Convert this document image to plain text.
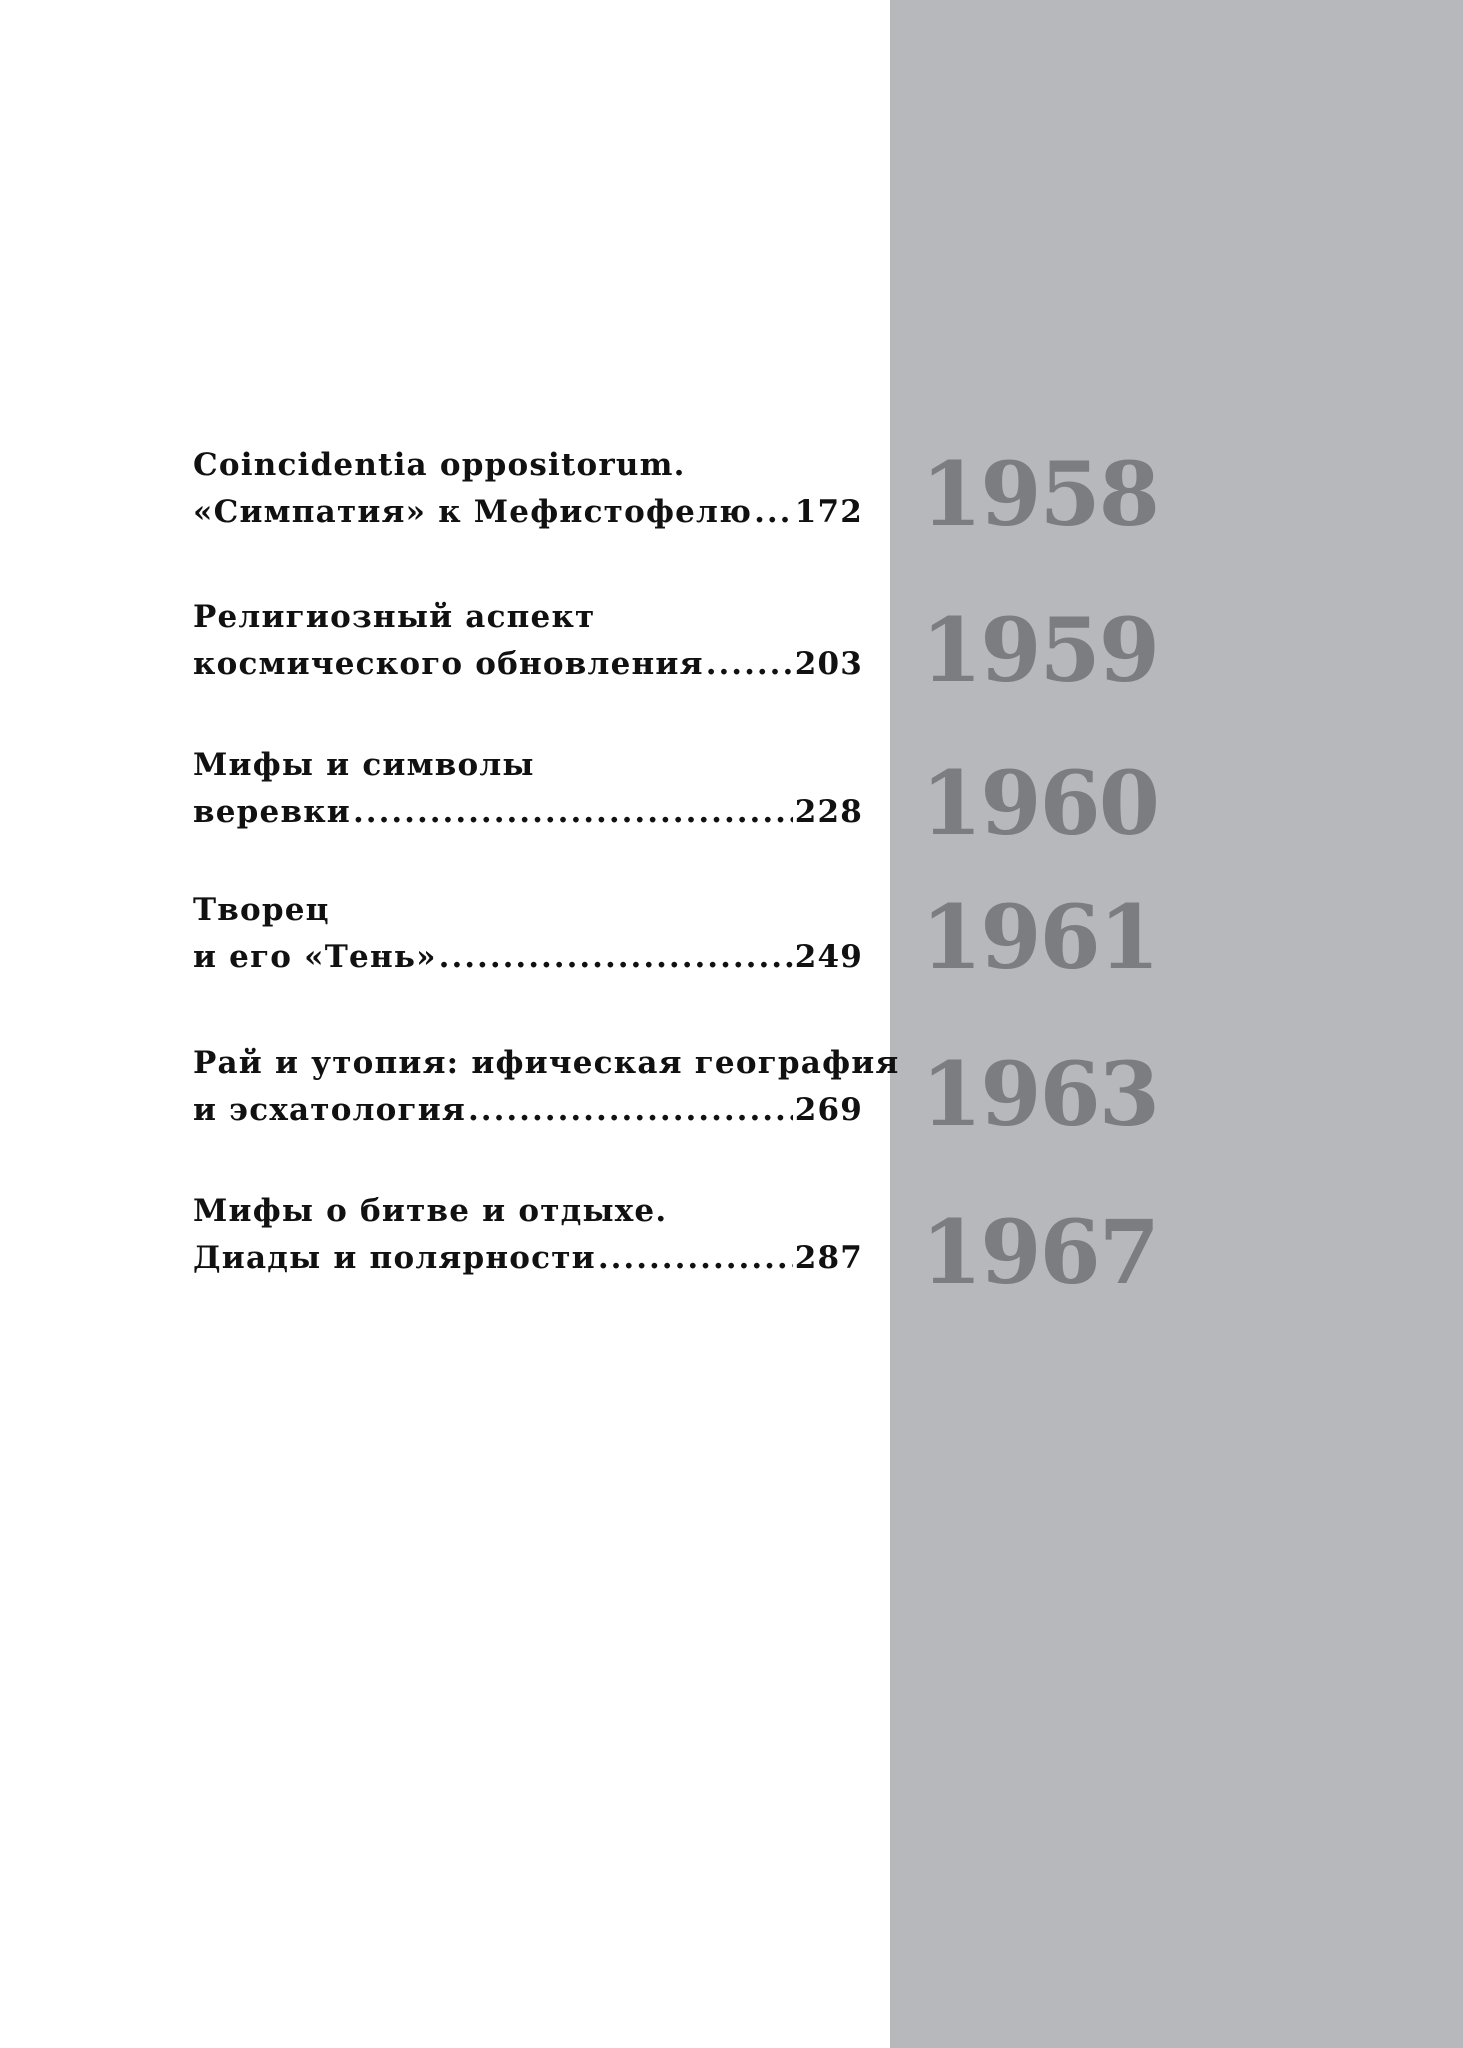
Coincidentia oppositorum.
«Симпатия» к Мефистофелю ..... 172 1958
Религиозный аспект
космического обновления .....	203 1959
Мифы и символы
веревки .....	228 1960
Творец
и его «Тень» .....	249 1961
Рай и утопия: ифическая география
и эсхатология .....	269 1963
Мифы о битве и отдыхе.
Диады и полярности .....	287 1967
